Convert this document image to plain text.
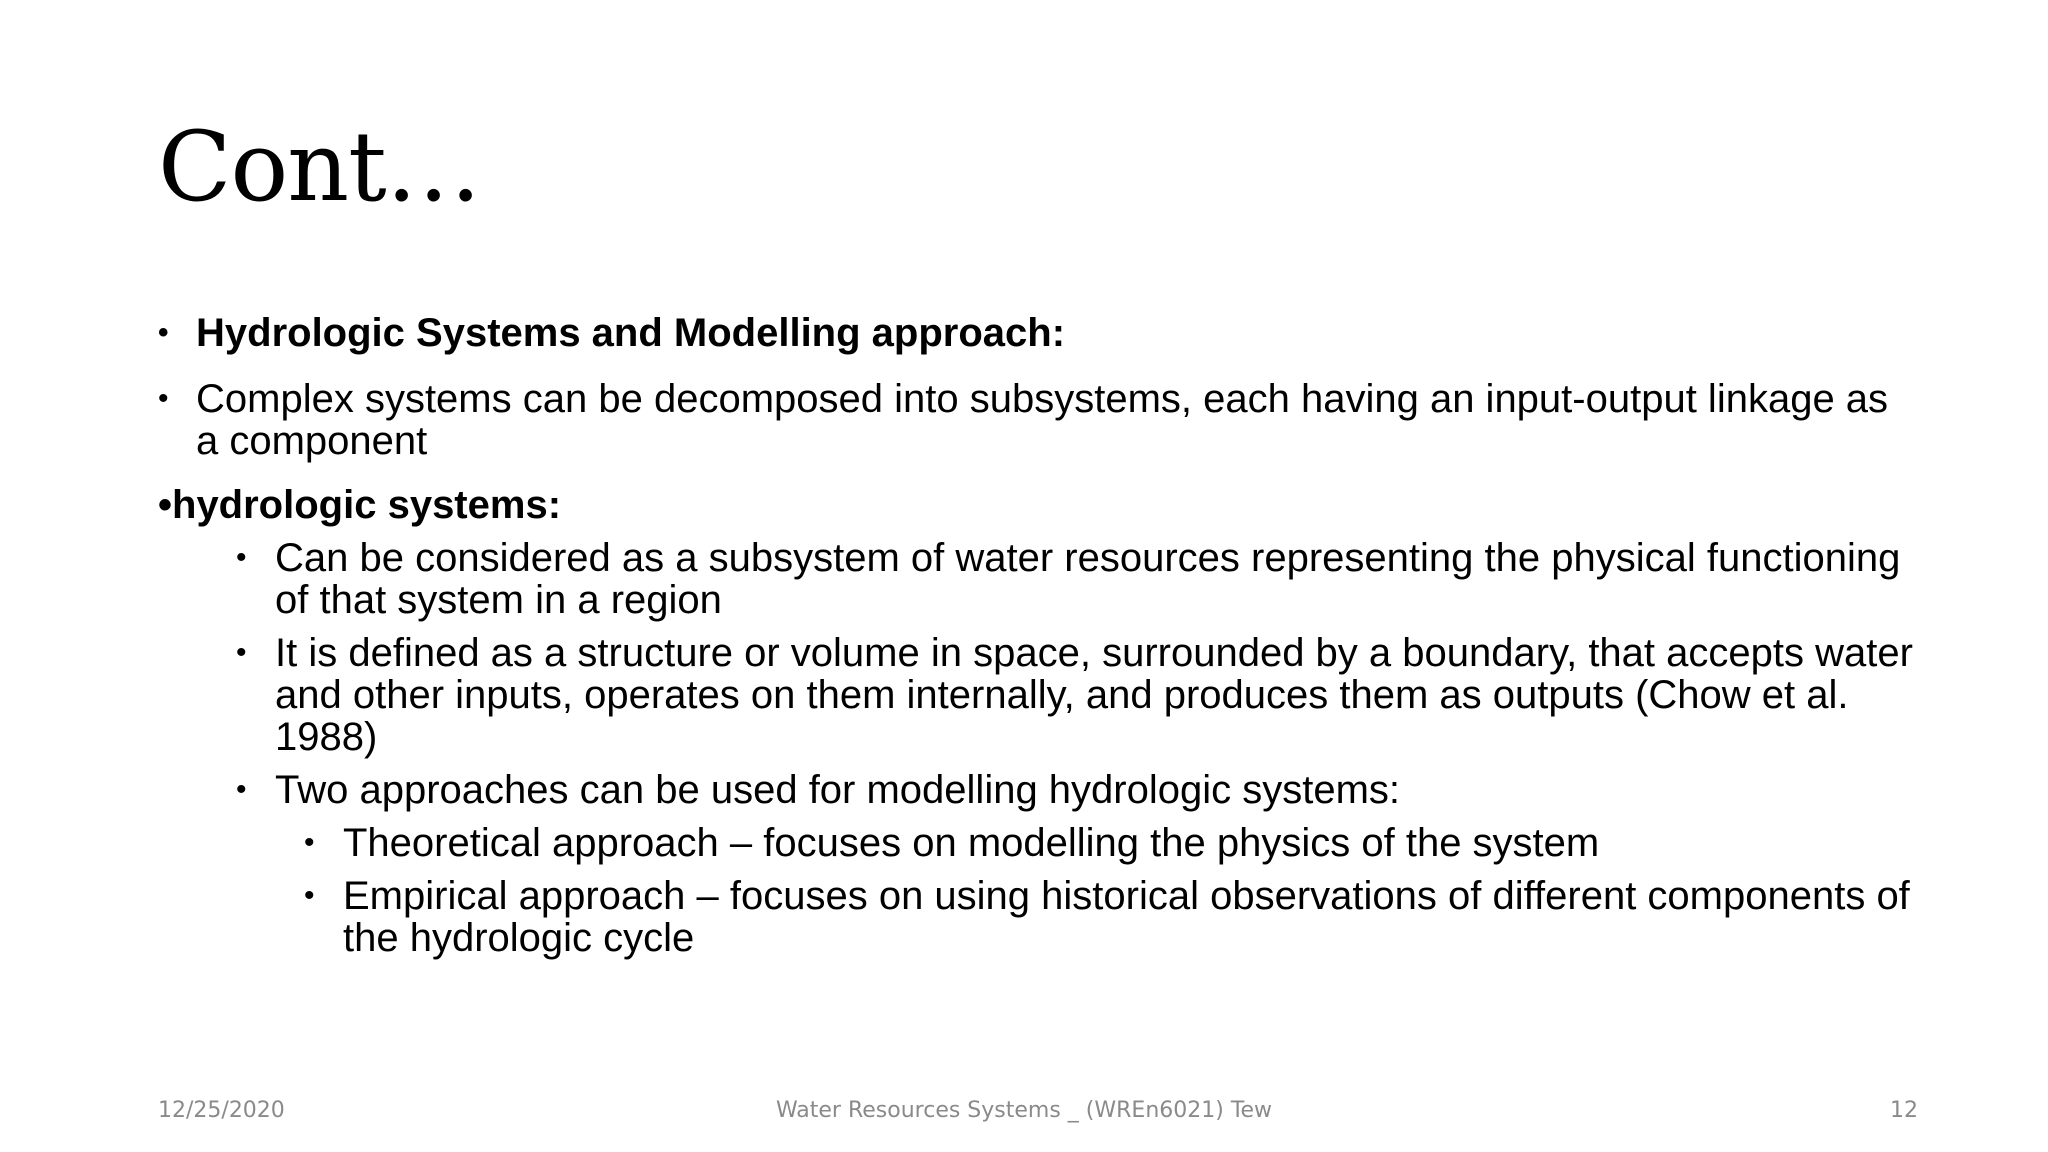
Cont…
• Hydrologic Systems and Modelling approach:
• Complex systems can be decomposed into subsystems, each having an input-output linkage as a component
•hydrologic systems:
• Can be considered as a subsystem of water resources representing the physical functioning of that system in a region
• It is defined as a structure or volume in space, surrounded by a boundary, that accepts water and other inputs, operates on them internally, and produces them as outputs (Chow et al. 1988)
• Two approaches can be used for modelling hydrologic systems:
• Theoretical approach – focuses on modelling the physics of the system
• Empirical approach – focuses on using historical observations of different components of the hydrologic cycle
12/25/2020	Water Resources Systems _ (WREn6021) Tew	12
